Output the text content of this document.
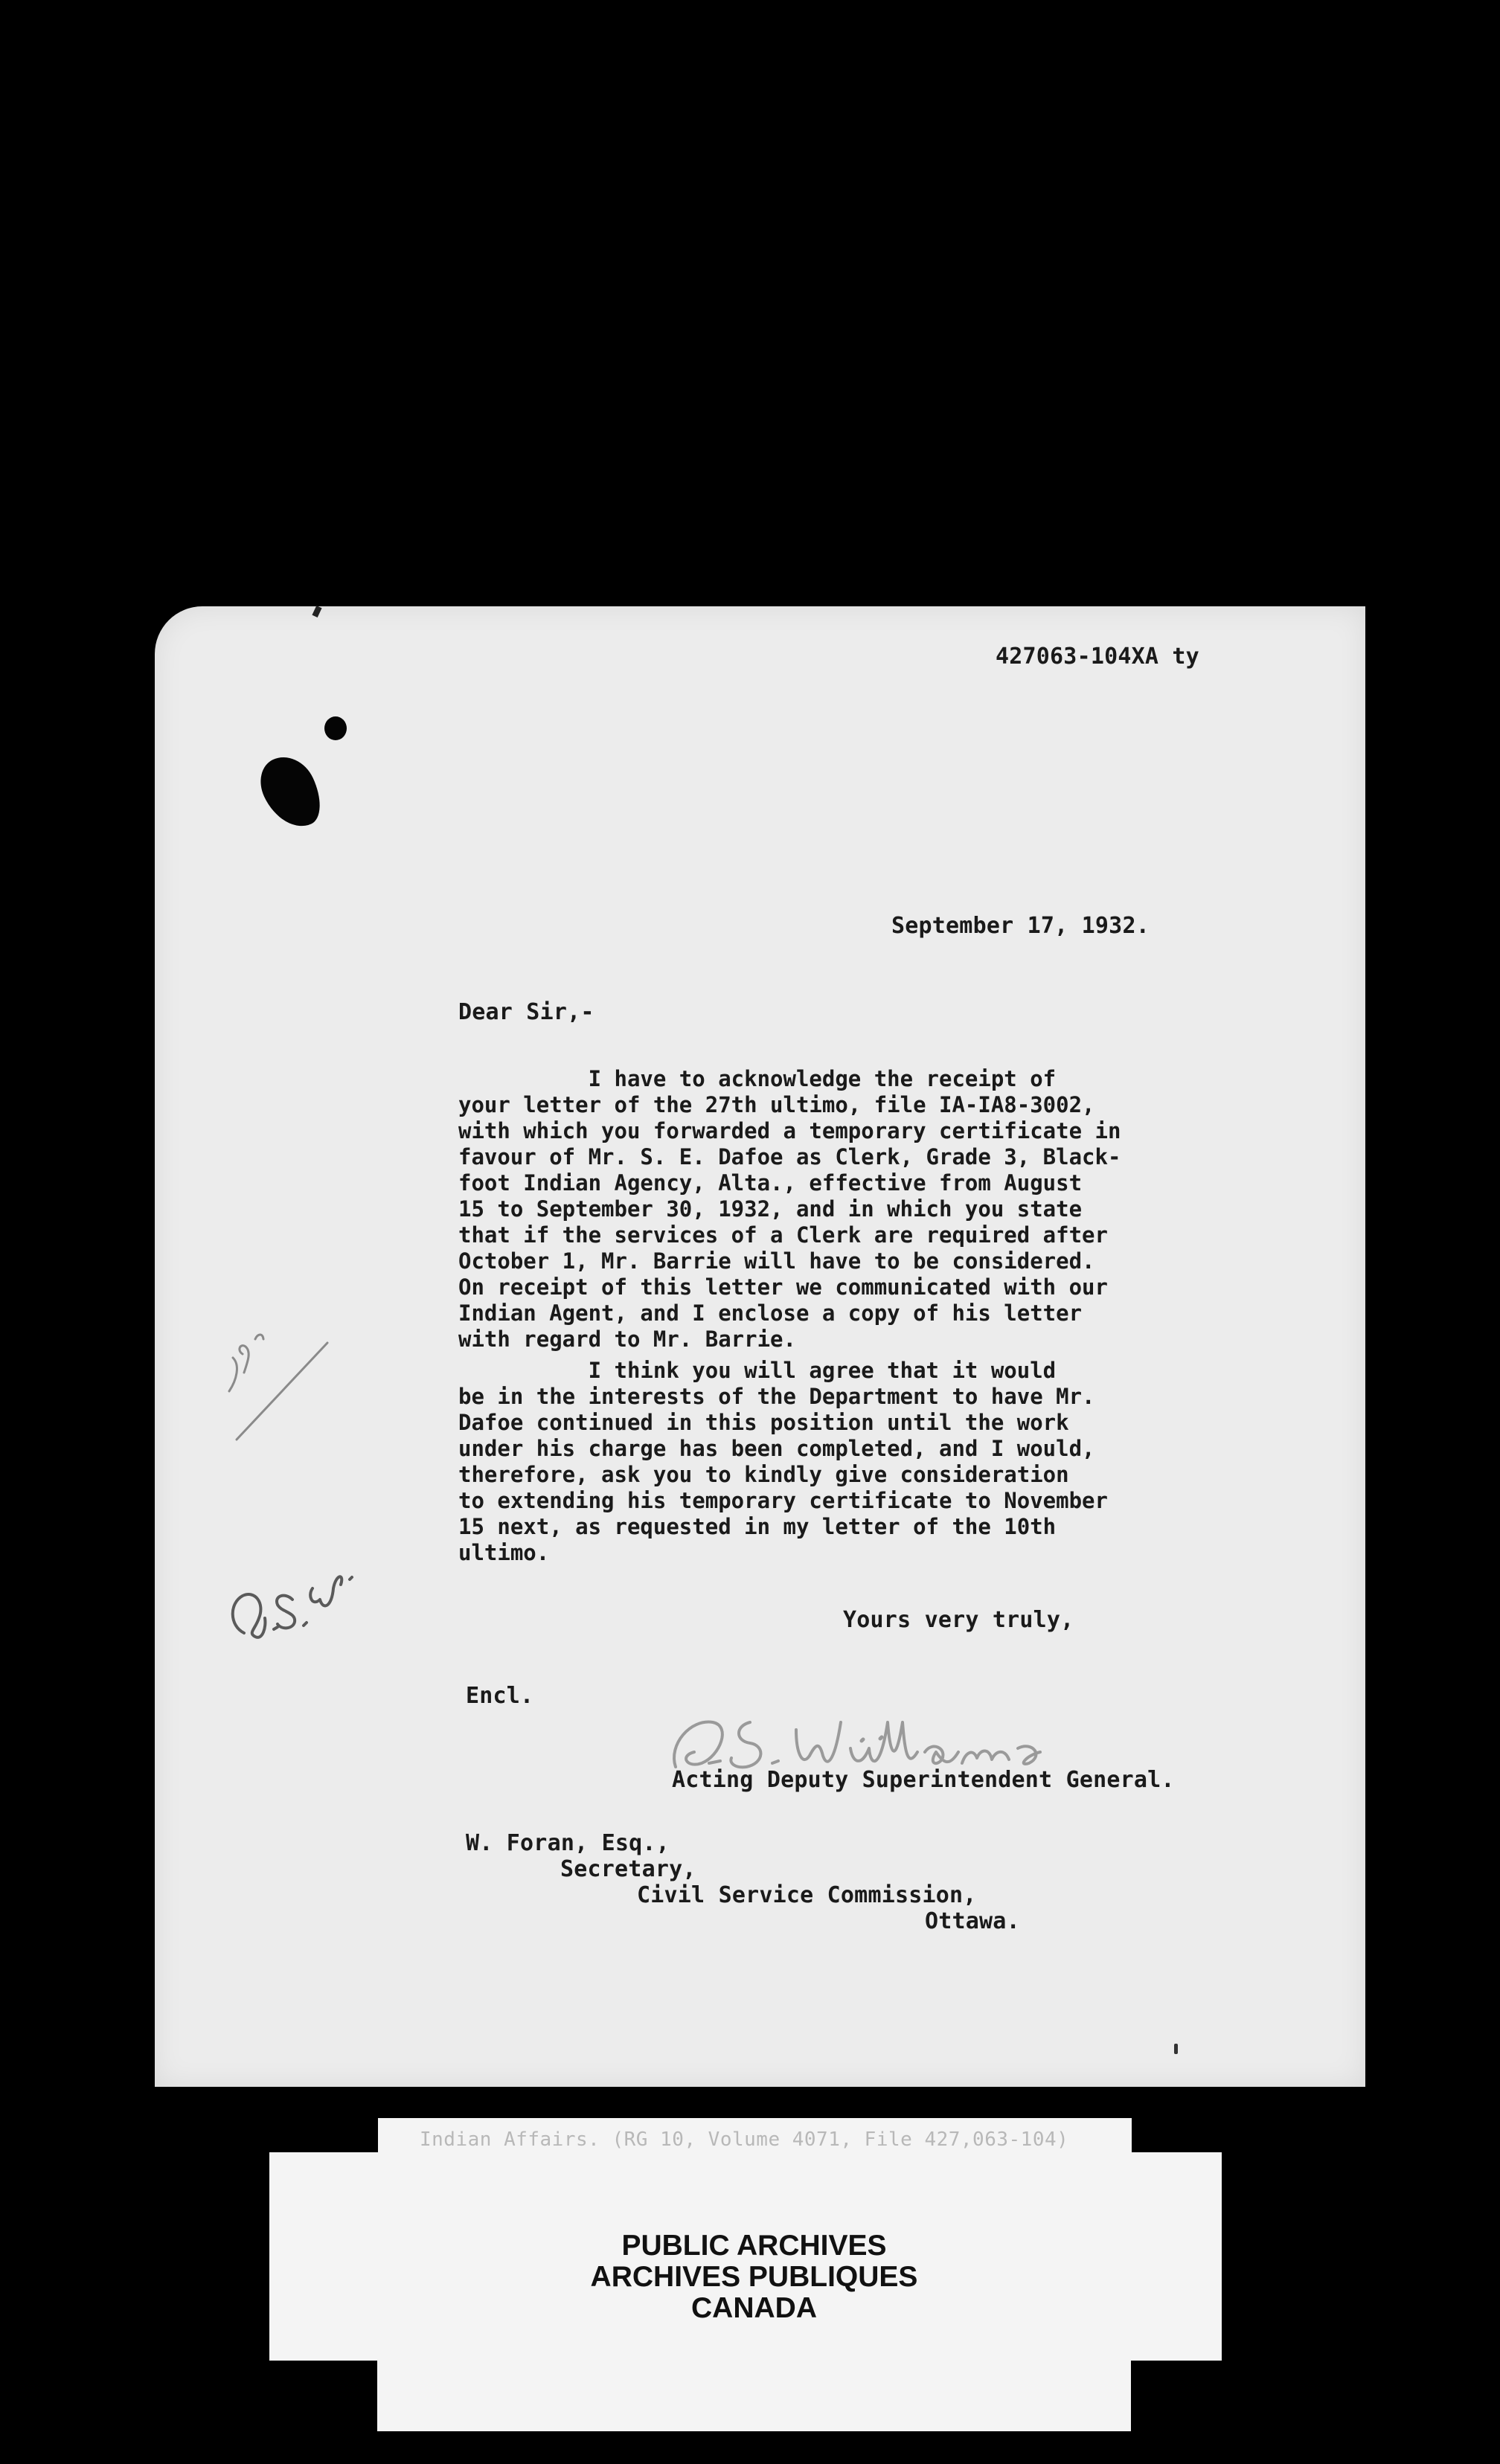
427063-104XA ty
September 17, 1932.
Dear Sir,-
I have to acknowledge the receipt of
your letter of the 27th ultimo, file IA-IA8-3002,
with which you forwarded a temporary certificate in
favour of Mr. S. E. Dafoe as Clerk, Grade 3, Black-
foot Indian Agency, Alta., effective from August
15 to September 30, 1932, and in which you state
that if the services of a Clerk are required after
October 1, Mr. Barrie will have to be considered.
On receipt of this letter we communicated with our
Indian Agent, and I enclose a copy of his letter
with regard to Mr. Barrie.
I think you will agree that it would
be in the interests of the Department to have Mr.
Dafoe continued in this position until the work
under his charge has been completed, and I would,
therefore, ask you to kindly give consideration
to extending his temporary certificate to November
15 next, as requested in my letter of the 10th
ultimo.
Yours very truly,
Encl.
Acting Deputy Superintendent General.
W. Foran, Esq.,
Secretary,
Civil Service Commission,
Ottawa.
PUBLIC ARCHIVES
ARCHIVES PUBLIQUES
CANADA
Indian Affairs. (RG 10, Volume 4071, File 427,063-104)
